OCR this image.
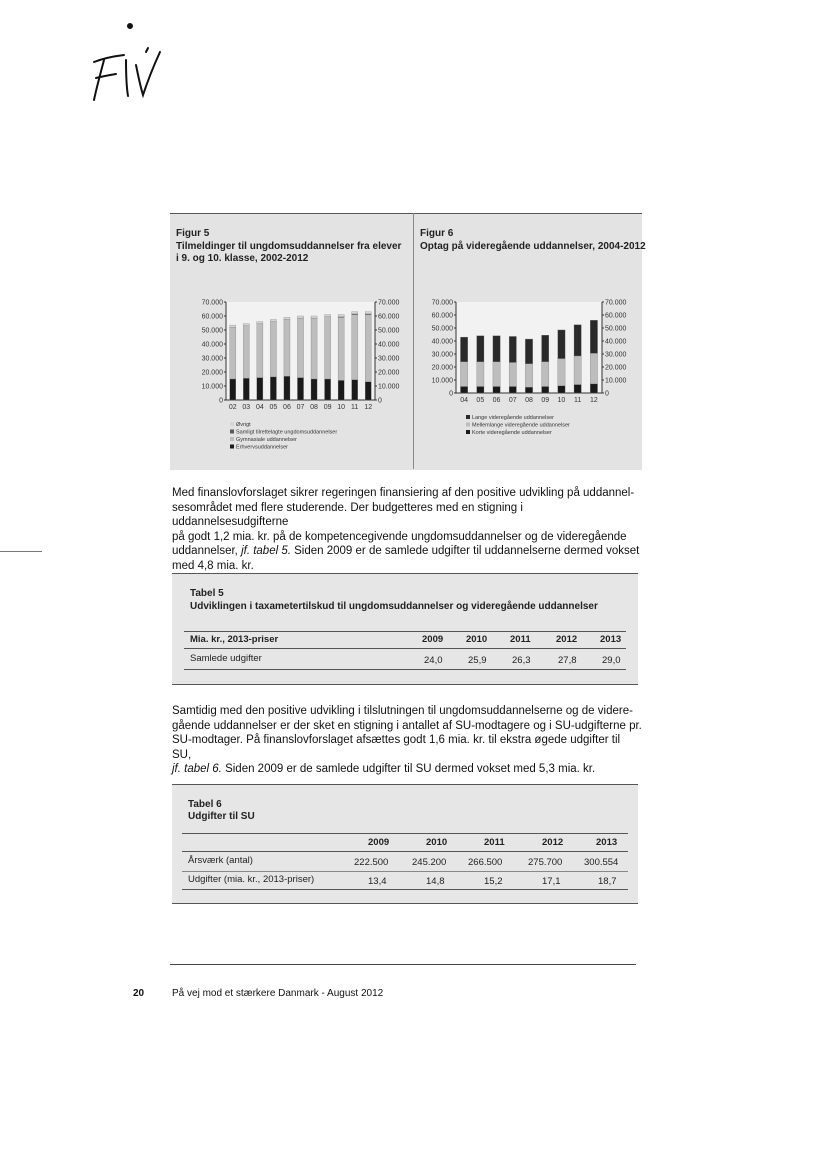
Figur 5
Tilmeldinger til ungdomsuddannelser fra elever
i 9. og 10. klasse, 2002-2012
Figur 6
Optag på videregående uddannelser, 2004-2012
70.000
60.000
50.000
40.000
30.000
20.000
10.000
0
70.000
60.000
50.000
40.000
30.000
20.000
10.000
0
02 03 04 05 06 07 08 09 10 11 12
Øvrigt
Samligt tilrettelagte ungdomsuddannelser
Gymnasiale uddannelser
Erhvervsuddannelser
70.000
60.000
50.000
40.000
30.000
20.000
10.000
0
70.000
60.000
50.000
40.000
30.000
20.000
10.000
0
04 05 06 07 08 09 10 11 12
Lange videregående uddannelser
Mellemlange videregående uddannelser
Korte videregående uddannelser
Med finanslovforslaget sikrer regeringen finansiering af den positive udvikling på uddannel-
sesområdet med flere studerende. Der budgetteres med en stigning i uddannelsesudgifterne
på godt 1,2 mia. kr. på de kompetencegivende ungdomsuddannelser og de videregående
uddannelser, jf. tabel 5. Siden 2009 er de samlede udgifter til uddannelserne dermed vokset
med 4,8 mia. kr.
Tabel 5
Udviklingen i taxametertilskud til ungdomsuddannelser og videregående uddannelser
Mia. kr., 2013-priser	2009 2010 2011	2012 2013
Samlede udgifter	24,0	25,9	26,3	27,8	29,0
Samtidig med den positive udvikling i tilslutningen til ungdomsuddannelserne og de videre-
gående uddannelser er der sket en stigning i antallet af SU-modtagere og i SU-udgifterne pr.
SU-modtager. På finanslovforslaget afsættes godt 1,6 mia. kr. til ekstra øgede udgifter til SU,
jf. tabel 6. Siden 2009 er de samlede udgifter til SU dermed vokset med 5,3 mia. kr.
Tabel 6
Udgifter til SU
2009	2010	2011	2012	2013
Årsværk (antal)	222.500 245.200 266.500	275.700 300.554
Udgifter (mia. kr., 2013-priser)	13,4	14,8	15,2	17,1	18,7
20	På vej mod et stærkere Danmark - August 2012
